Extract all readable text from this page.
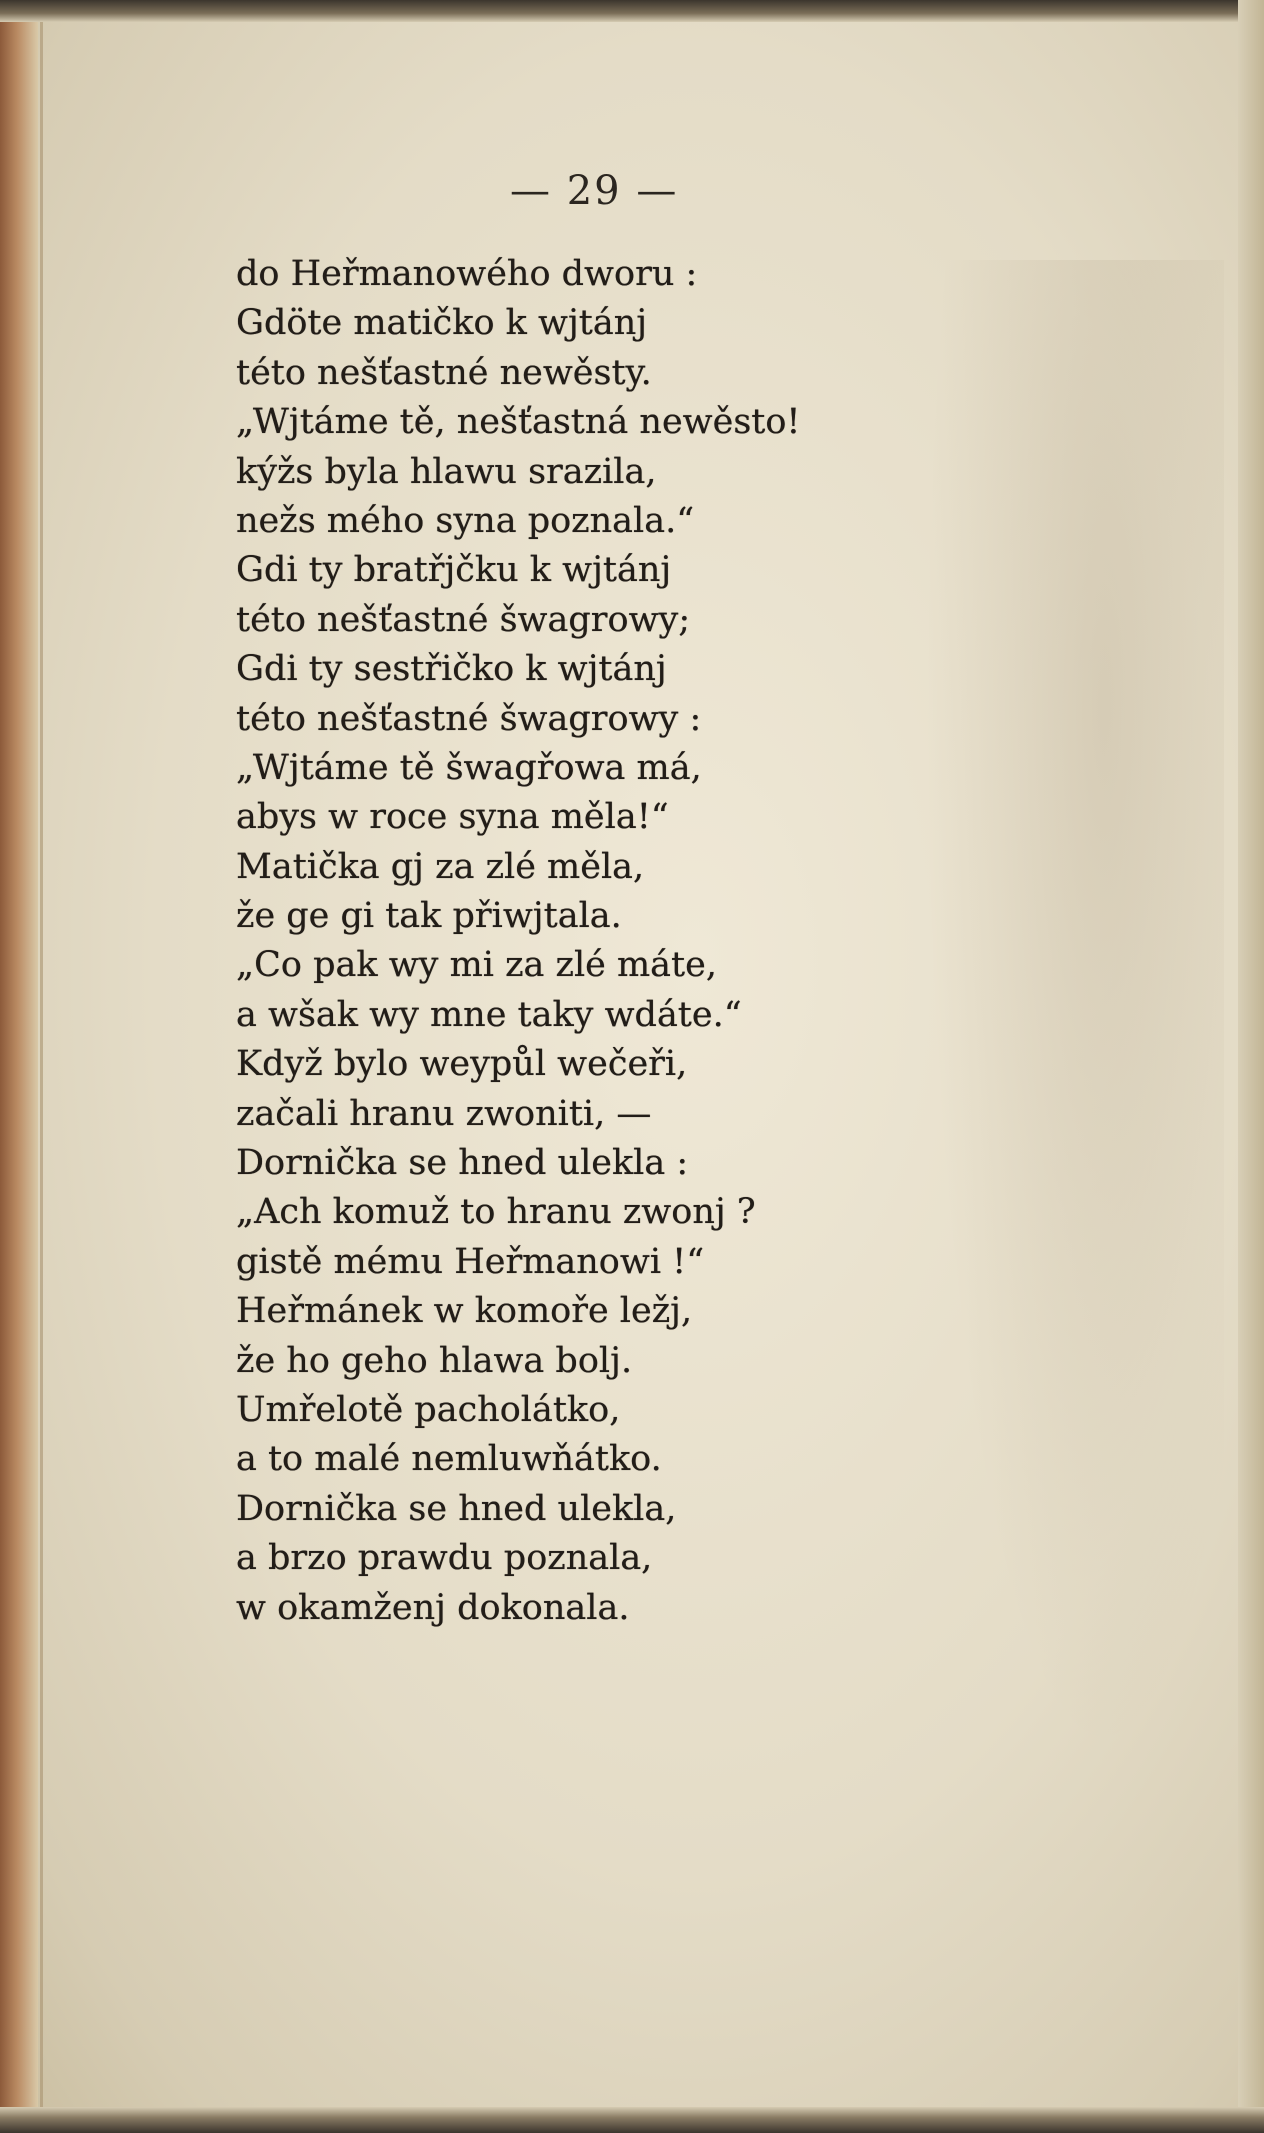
— 29 —
do Heřmanowého dworu :
Gdöte matičko k wjtánj
této nešťastné newěsty.
„Wjtáme tě, nešťastná newěsto!
kýžs byla hlawu srazila,
nežs mého syna poznala.“
Gdi ty bratřjčku k wjtánj
této nešťastné šwagrowy;
Gdi ty sestřičko k wjtánj
této nešťastné šwagrowy :
„Wjtáme tě šwagřowa má,
abys w roce syna měla!“
Matička gj za zlé měla,
že ge gi tak přiwjtala.
„Co pak wy mi za zlé máte,
a wšak wy mne taky wdáte.“
Když bylo weypůl wečeři,
začali hranu zwoniti, —
Dornička se hned ulekla :
„Ach komuž to hranu zwonj ?
gistě mému Heřmanowi !“
Heřmánek w komoře ležj,
že ho geho hlawa bolj.
Umřelotě pacholátko,
a to malé nemluwňátko.
Dornička se hned ulekla,
a brzo prawdu poznala,
w okamženj dokonala.
